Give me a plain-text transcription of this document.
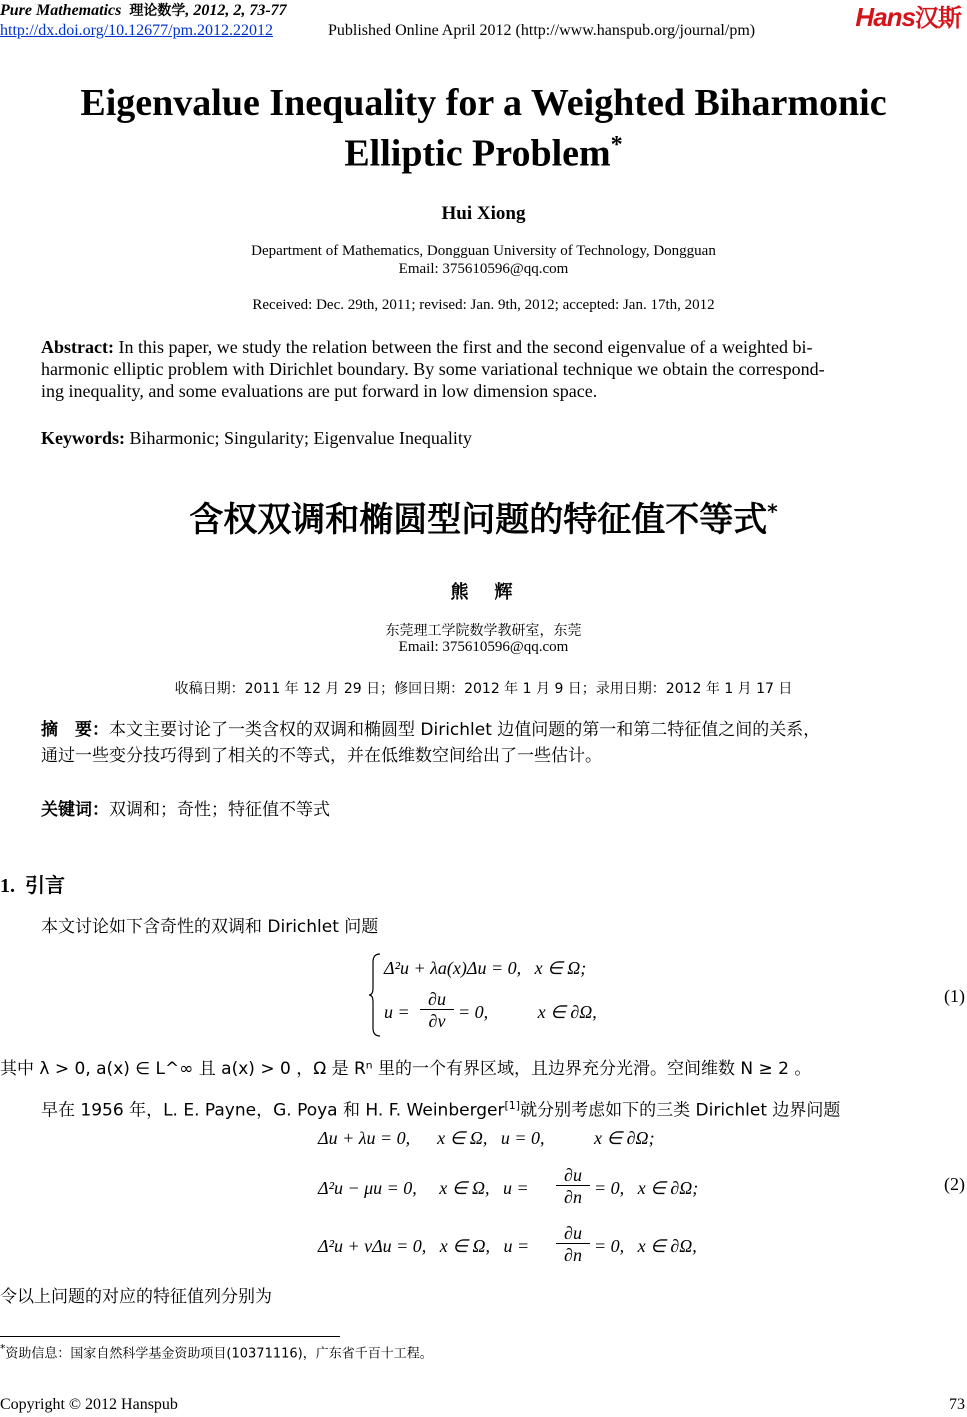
Pure Mathematics 理论数学, 2012, 2, 73-77
http://dx.doi.org/10.12677/pm.2012.22012	Published Online April 2012 (http://www.hanspub.org/journal/pm)	Hans汉斯
Eigenvalue Inequality for a Weighted Biharmonic
Elliptic Problem*
Hui Xiong
Department of Mathematics, Dongguan University of Technology, Dongguan
Email: 375610596@qq.com
Received: Dec. 29th, 2011; revised: Jan. 9th, 2012; accepted: Jan. 17th, 2012
Abstract: In this paper, we study the relation between the first and the second eigenvalue of a weighted bi-
harmonic elliptic problem with Dirichlet boundary. By some variational technique we obtain the correspond-
ing inequality, and some evaluations are put forward in low dimension space.
Keywords: Biharmonic; Singularity; Eigenvalue Inequality
含权双调和椭圆型问题的特征值不等式*
熊　辉
东莞理工学院数学教研室，东莞
Email: 375610596@qq.com
收稿日期：2011 年 12 月 29 日；修回日期：2012 年 1 月 9 日；录用日期：2012 年 1 月 17 日
摘　要：本文主要讨论了一类含权的双调和椭圆型 Dirichlet 边值问题的第一和第二特征值之间的关系，
通过一些变分技巧得到了相关的不等式，并在低维数空间给出了一些估计。
关键词：双调和；奇性；特征值不等式
1. 引言
本文讨论如下含奇性的双调和 Dirichlet 问题
Δ²u + λa(x)Δu = 0,   x ∈ Ω;
$u = \frac{\partial u}{\partial\nu} = 0$,           x ∈ ∂Ω,
(1)
其中 λ > 0, a(x) ∈ L^∞ 且 a(x) > 0 ，Ω 是 Rⁿ 里的一个有界区域，且边界充分光滑。空间维数 N ≥ 2 。
早在 1956 年，L. E. Payne，G. Poya 和 H. F. Weinberger[1]就分别考虑如下的三类 Dirichlet 边界问题
Δu + λu = 0,      x ∈ Ω,   u = 0,           x ∈ ∂Ω;
Δ²u − μu = 0,     x ∈ Ω,   $u = \frac{\partial u}{\partial n} = 0$,   x ∈ ∂Ω;
Δ²u + νΔu = 0,   x ∈ Ω,   $u = \frac{\partial u}{\partial n} = 0$,   x ∈ ∂Ω,
(2)
令以上问题的对应的特征值列分别为
*资助信息：国家自然科学基金资助项目(10371116)，广东省千百十工程。
Copyright © 2012 Hanspub	73
